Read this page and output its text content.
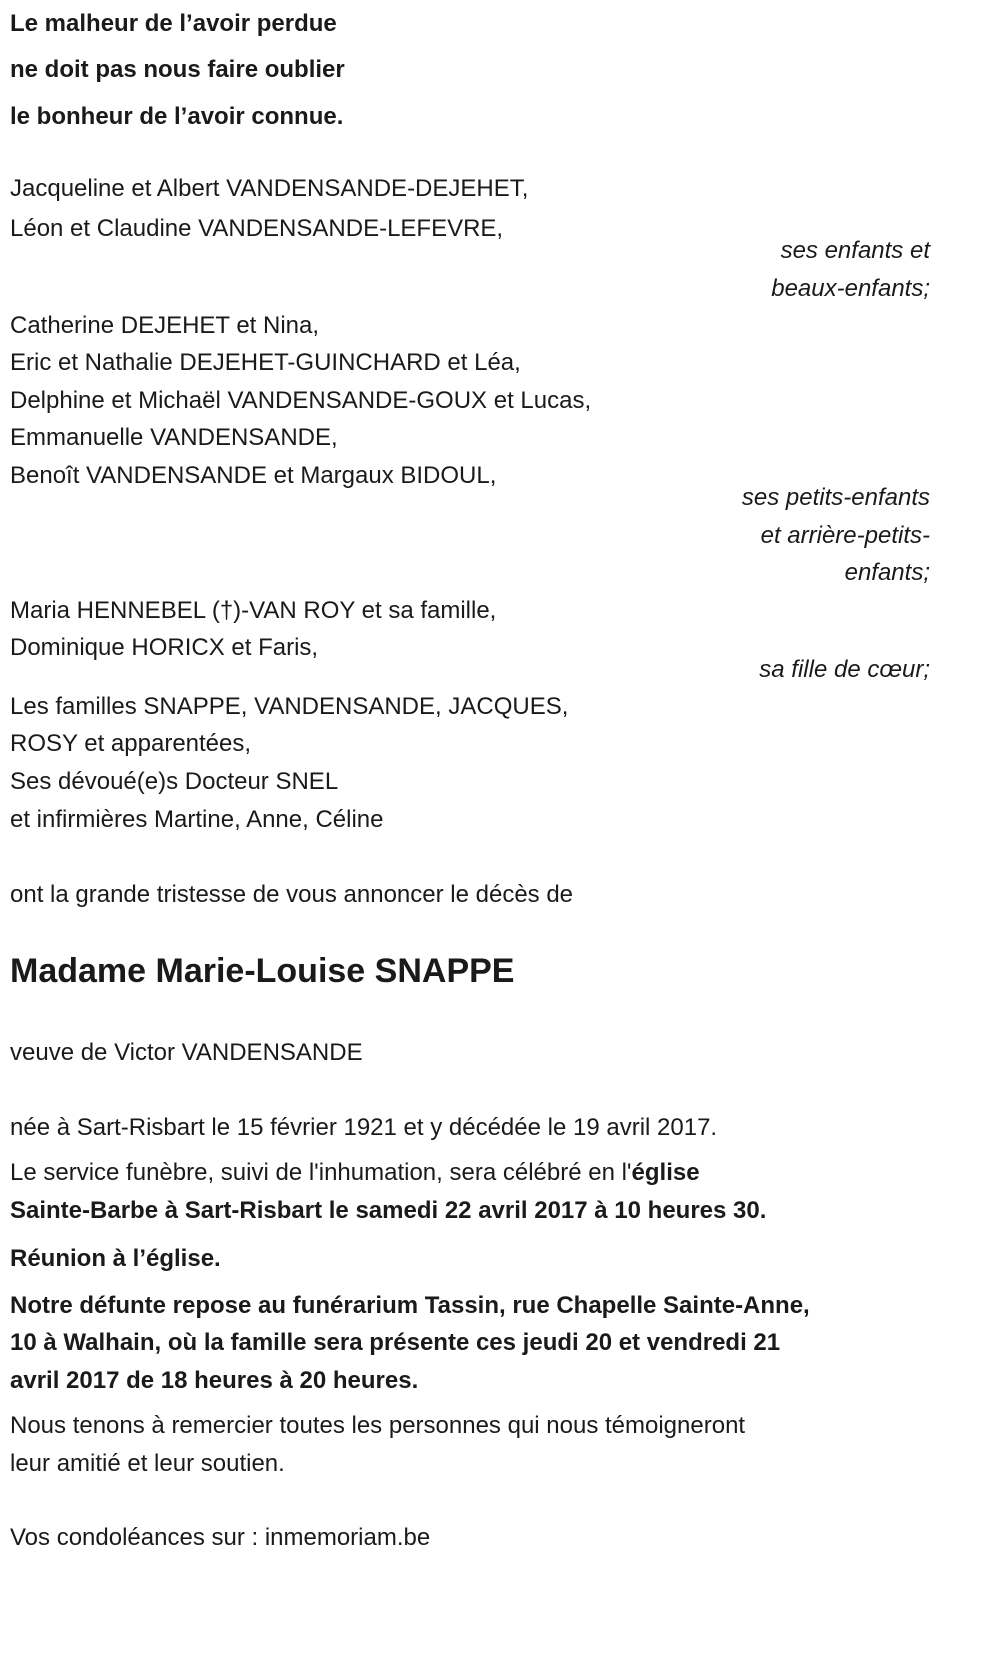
Le malheur de l’avoir perdue
ne doit pas nous faire oublier
le bonheur de l’avoir connue.
Jacqueline et Albert VANDENSANDE-DEJEHET,
Léon et Claudine VANDENSANDE-LEFEVRE,
ses enfants et
beaux-enfants;
Catherine DEJEHET et Nina,
Eric et Nathalie DEJEHET-GUINCHARD et Léa,
Delphine et Michaël VANDENSANDE-GOUX et Lucas,
Emmanuelle VANDENSANDE,
Benoît VANDENSANDE et Margaux BIDOUL,
ses petits-enfants
et arrière-petits-
enfants;
Maria HENNEBEL (†)-VAN ROY et sa famille,
Dominique HORICX et Faris,
sa fille de cœur;
Les familles SNAPPE, VANDENSANDE, JACQUES,
ROSY et apparentées,
Ses dévoué(e)s Docteur SNEL
et infirmières Martine, Anne, Céline
ont la grande tristesse de vous annoncer le décès de
Madame Marie-Louise SNAPPE
veuve de Victor VANDENSANDE
née à Sart-Risbart le 15 février 1921 et y décédée le 19 avril 2017.
Le service funèbre, suivi de l'inhumation, sera célébré en l'église
Sainte-Barbe à Sart-Risbart le samedi 22 avril 2017 à 10 heures 30.
Réunion à l’église.
Notre défunte repose au funérarium Tassin, rue Chapelle Sainte-Anne,
10 à Walhain, où la famille sera présente ces jeudi 20 et vendredi 21
avril 2017 de 18 heures à 20 heures.
Nous tenons à remercier toutes les personnes qui nous témoigneront
leur amitié et leur soutien.
Vos condoléances sur : inmemoriam.be
